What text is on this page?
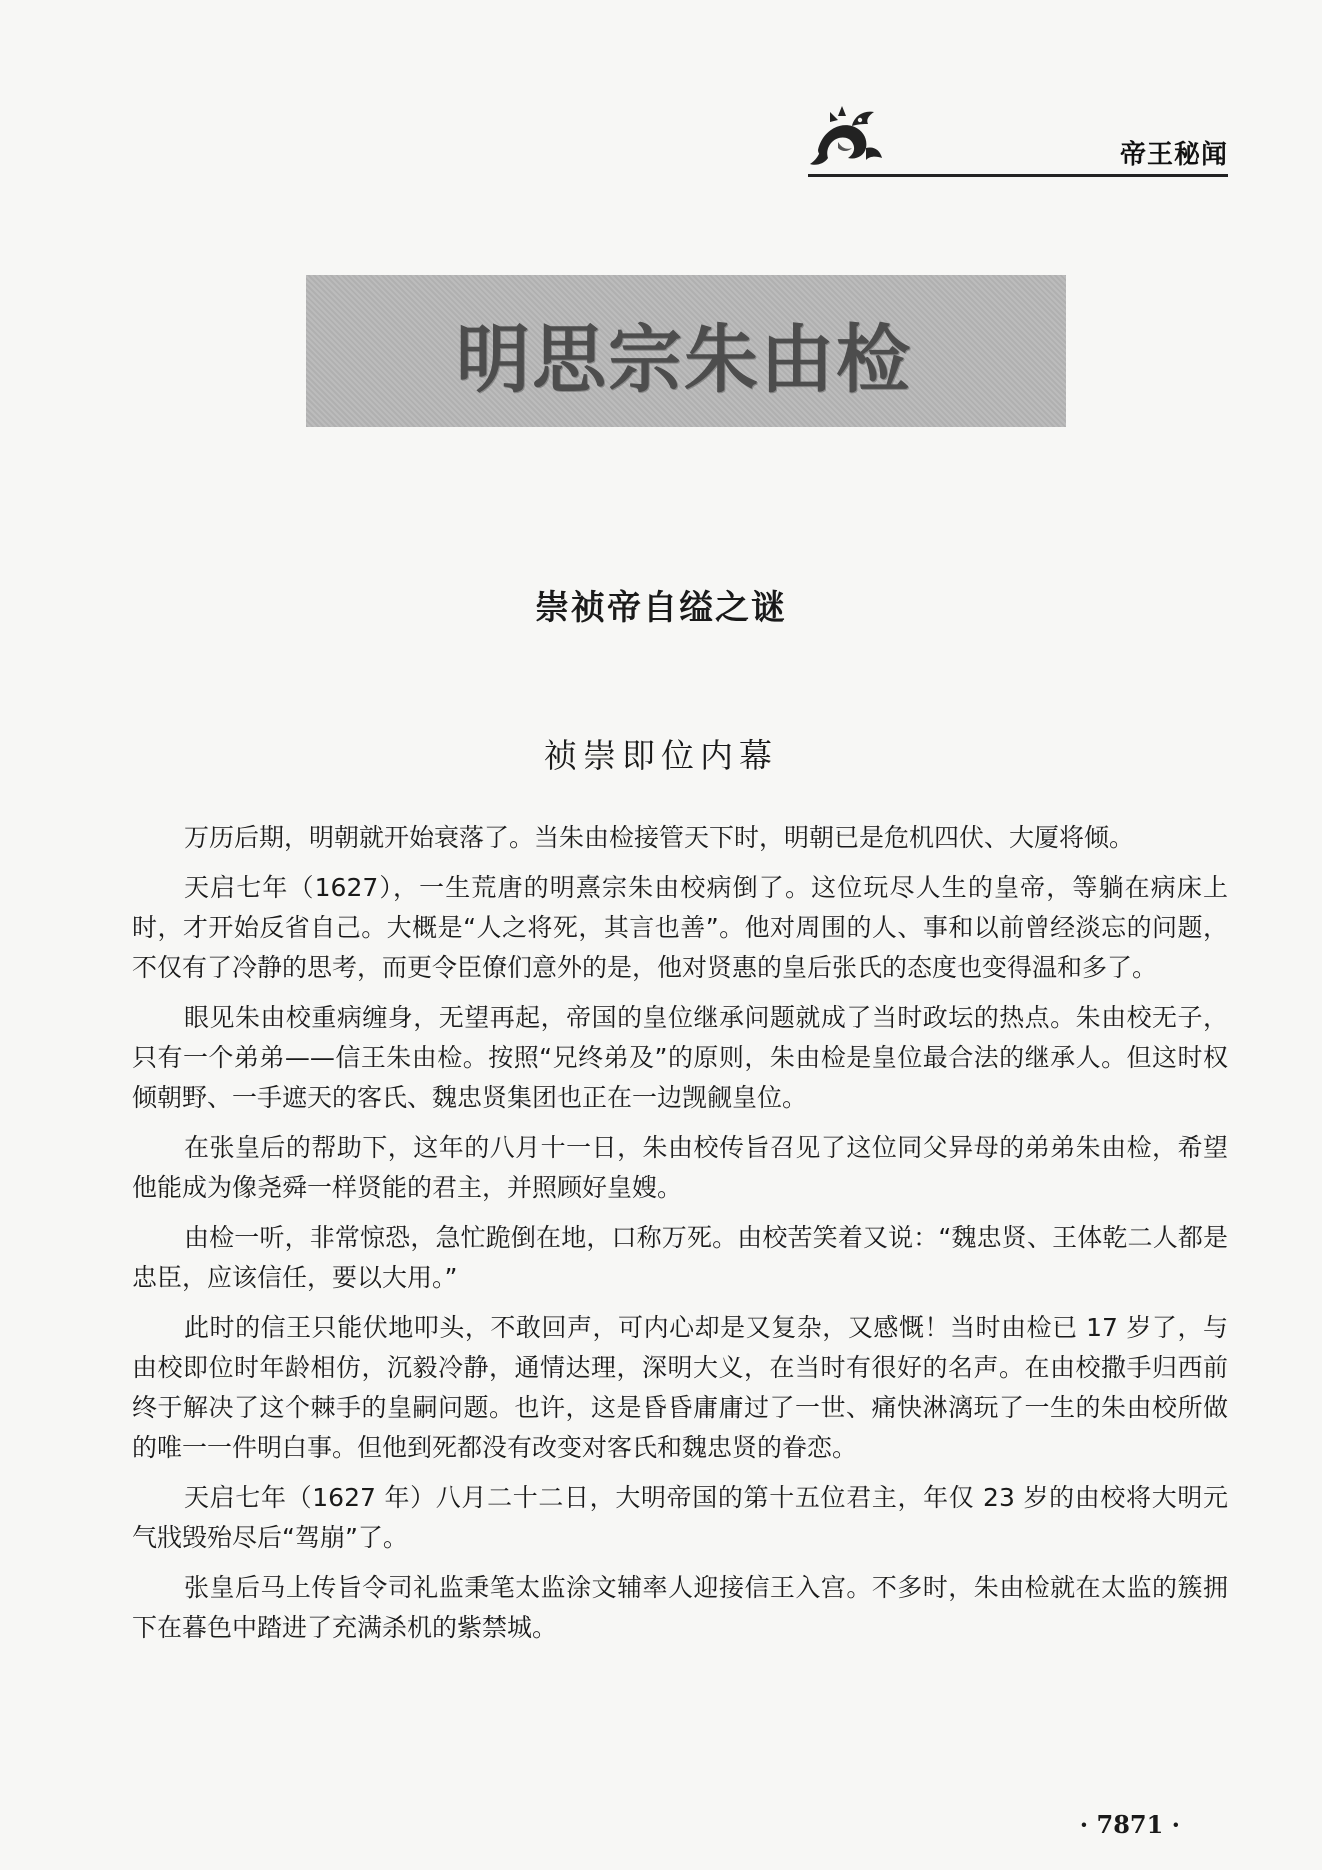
帝王秘闻
明思宗朱由检
崇祯帝自缢之谜
祯崇即位内幕

万历后期，明朝就开始衰落了。当朱由检接管天下时，明朝已是危机四伏、大厦将倾。

天启七年（1627），一生荒唐的明熹宗朱由校病倒了。这位玩尽人生的皇帝，等躺在病床上时，才开始反省自己。大概是“人之将死，其言也善”。他对周围的人、事和以前曾经淡忘的问题，不仅有了冷静的思考，而更令臣僚们意外的是，他对贤惠的皇后张氏的态度也变得温和多了。

眼见朱由校重病缠身，无望再起，帝国的皇位继承问题就成了当时政坛的热点。朱由校无子，只有一个弟弟——信王朱由检。按照“兄终弟及”的原则，朱由检是皇位最合法的继承人。但这时权倾朝野、一手遮天的客氏、魏忠贤集团也正在一边觊觎皇位。

在张皇后的帮助下，这年的八月十一日，朱由校传旨召见了这位同父异母的弟弟朱由检，希望他能成为像尧舜一样贤能的君主，并照顾好皇嫂。

由检一听，非常惊恐，急忙跪倒在地，口称万死。由校苦笑着又说：“魏忠贤、王体乾二人都是忠臣，应该信任，要以大用。”

此时的信王只能伏地叩头，不敢回声，可内心却是又复杂，又感慨！当时由检已 17 岁了，与由校即位时年龄相仿，沉毅冷静，通情达理，深明大义，在当时有很好的名声。在由校撒手归西前终于解决了这个棘手的皇嗣问题。也许，这是昏昏庸庸过了一世、痛快淋漓玩了一生的朱由校所做的唯一一件明白事。但他到死都没有改变对客氏和魏忠贤的眷恋。

天启七年（1627 年）八月二十二日，大明帝国的第十五位君主，年仅 23 岁的由校将大明元气戕毁殆尽后“驾崩”了。

张皇后马上传旨令司礼监秉笔太监涂文辅率人迎接信王入宫。不多时，朱由检就在太监的簇拥下在暮色中踏进了充满杀机的紫禁城。

· 7871 ·
